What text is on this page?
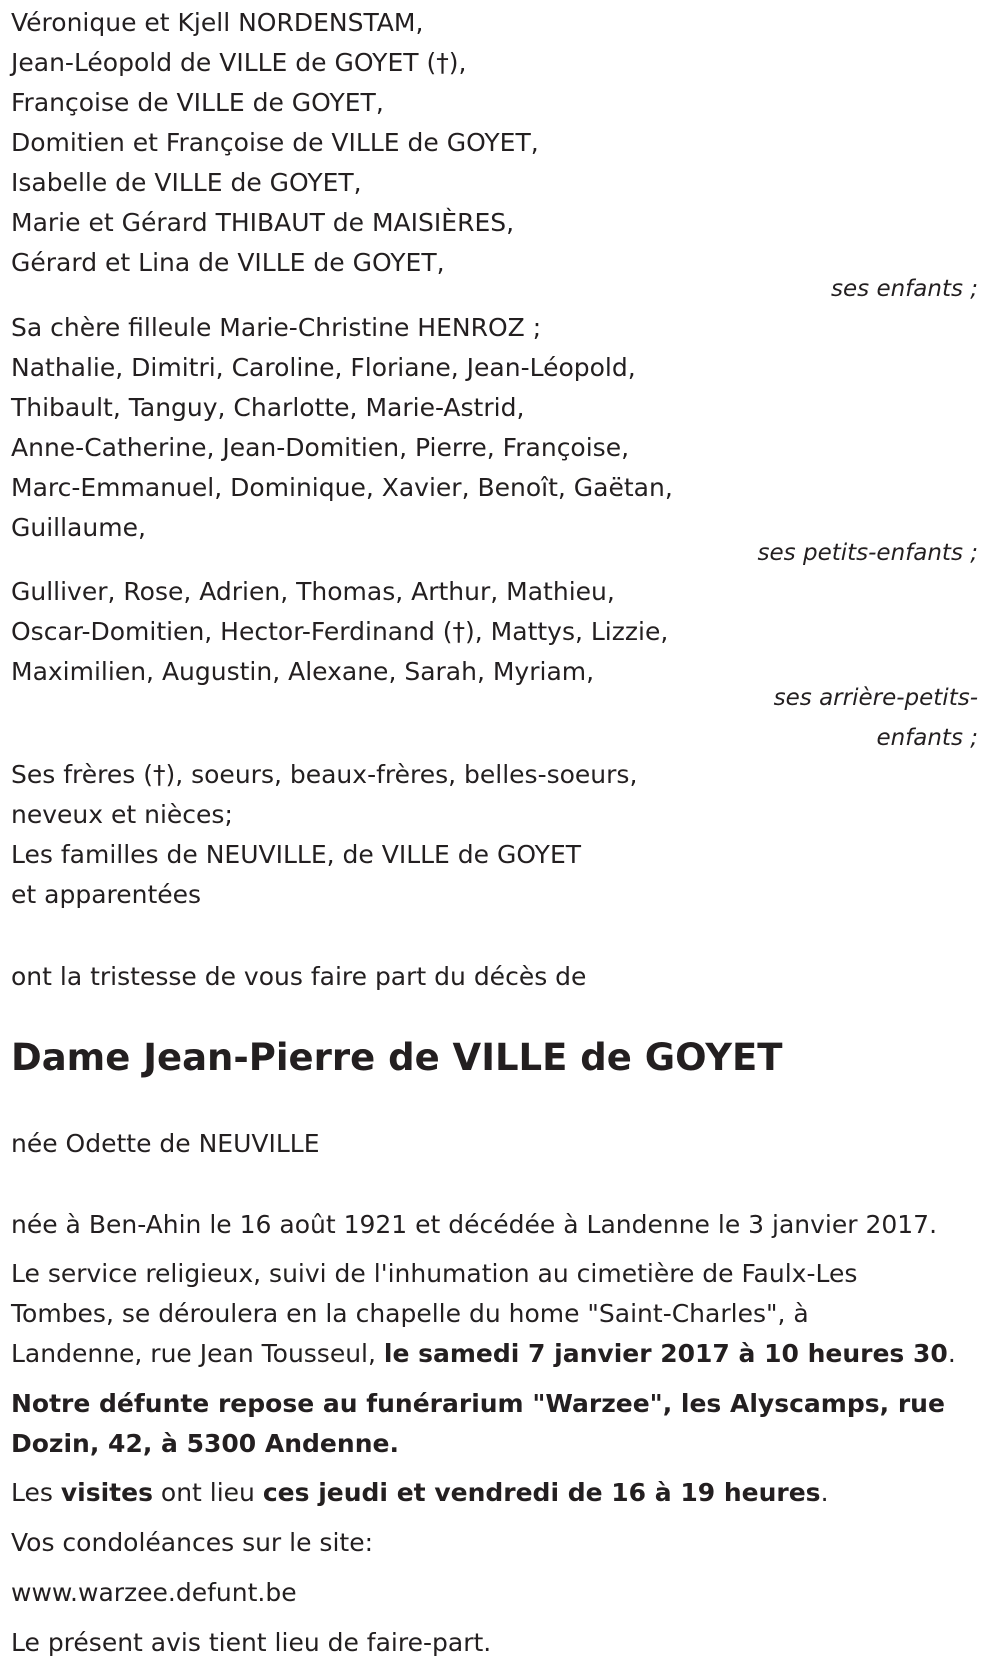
Véronique et Kjell NORDENSTAM,
Jean-Léopold de VILLE de GOYET (†),
Françoise de VILLE de GOYET,
Domitien et Françoise de VILLE de GOYET,
Isabelle de VILLE de GOYET,
Marie et Gérard THIBAUT de MAISIÈRES,
Gérard et Lina de VILLE de GOYET,
ses enfants ;
Sa chère filleule Marie-Christine HENROZ ;
Nathalie, Dimitri, Caroline, Floriane, Jean-Léopold,
Thibault, Tanguy, Charlotte, Marie-Astrid,
Anne-Catherine, Jean-Domitien, Pierre, Françoise,
Marc-Emmanuel, Dominique, Xavier, Benoît, Gaëtan,
Guillaume,
ses petits-enfants ;
Gulliver, Rose, Adrien, Thomas, Arthur, Mathieu,
Oscar-Domitien, Hector-Ferdinand (†), Mattys, Lizzie,
Maximilien, Augustin, Alexane, Sarah, Myriam,
ses arrière-petits-
enfants ;
Ses frères (†), soeurs, beaux-frères, belles-soeurs,
neveux et nièces;
Les familles de NEUVILLE, de VILLE de GOYET
et apparentées
ont la tristesse de vous faire part du décès de
Dame Jean-Pierre de VILLE de GOYET
née Odette de NEUVILLE
née à Ben-Ahin le 16 août 1921 et décédée à Landenne le 3 janvier 2017.
Le service religieux, suivi de l'inhumation au cimetière de Faulx-Les
Tombes, se déroulera en la chapelle du home "Saint-Charles", à
Landenne, rue Jean Tousseul, le samedi 7 janvier 2017 à 10 heures 30.
Notre défunte repose au funérarium "Warzee", les Alyscamps, rue
Dozin, 42, à 5300 Andenne.
Les visites ont lieu ces jeudi et vendredi de 16 à 19 heures.
Vos condoléances sur le site:
www.warzee.defunt.be
Le présent avis tient lieu de faire-part.
